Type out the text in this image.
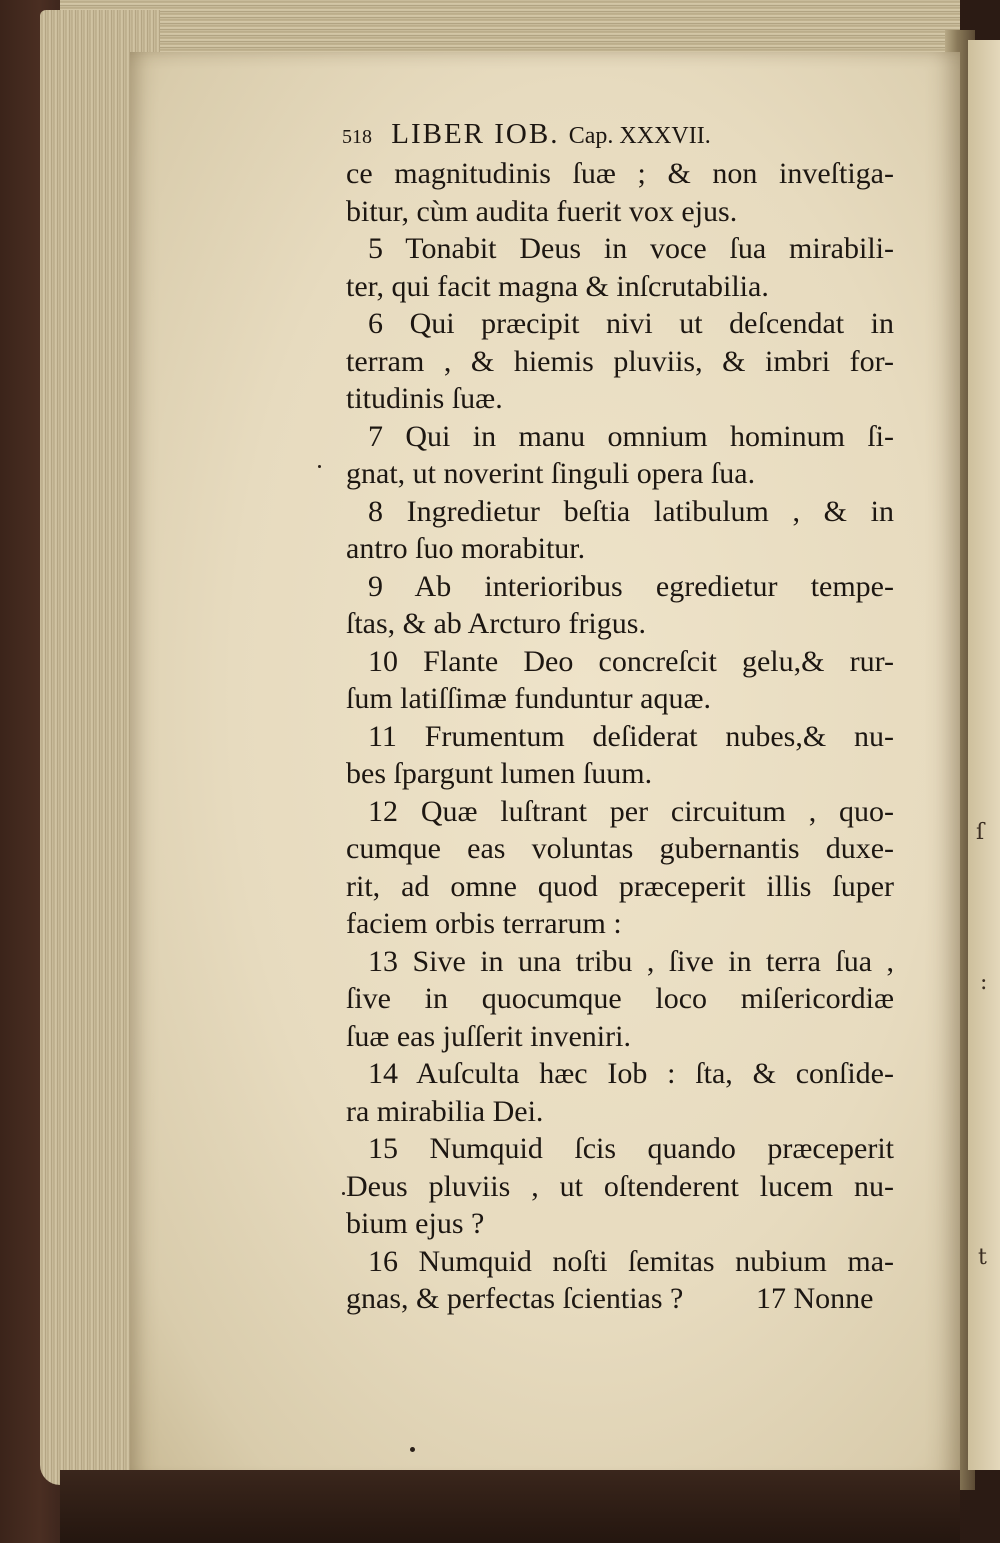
ſ
:
t
518 LIBER IOB. Cap. XXXVII.
ce magnitudinis ſuæ ; & non inveſtiga-
bitur, cùm audita fuerit vox ejus.
5 Tonabit Deus in voce ſua mirabili-
ter, qui facit magna & inſcrutabilia.
6 Qui præcipit nivi ut deſcendat in
terram , & hiemis pluviis, & imbri for-
titudinis ſuæ.
7 Qui in manu omnium hominum ſi-
gnat, ut noverint ſinguli opera ſua.
8 Ingredietur beſtia latibulum , & in
antro ſuo morabitur.
9 Ab interioribus egredietur tempe-
ſtas, & ab Arcturo frigus.
10 Flante Deo concreſcit gelu,& rur-
ſum latiſſimæ funduntur aquæ.
11 Frumentum deſiderat nubes,& nu-
bes ſpargunt lumen ſuum.
12 Quæ luſtrant per circuitum , quo-
cumque eas voluntas gubernantis duxe-
rit, ad omne quod præceperit illis ſuper
faciem orbis terrarum :
13 Sive in una tribu , ſive in terra ſua ,
ſive in quocumque loco miſericordiæ
ſuæ eas juſſerit inveniri.
14 Auſculta hæc Iob : ſta, & conſide-
ra mirabilia Dei.
15 Numquid ſcis quando præceperit
Deus pluviis , ut oſtenderent lucem nu-
bium ejus ?
16 Numquid noſti ſemitas nubium ma-
gnas, & perfectas ſcientias ?	17 Nonne
